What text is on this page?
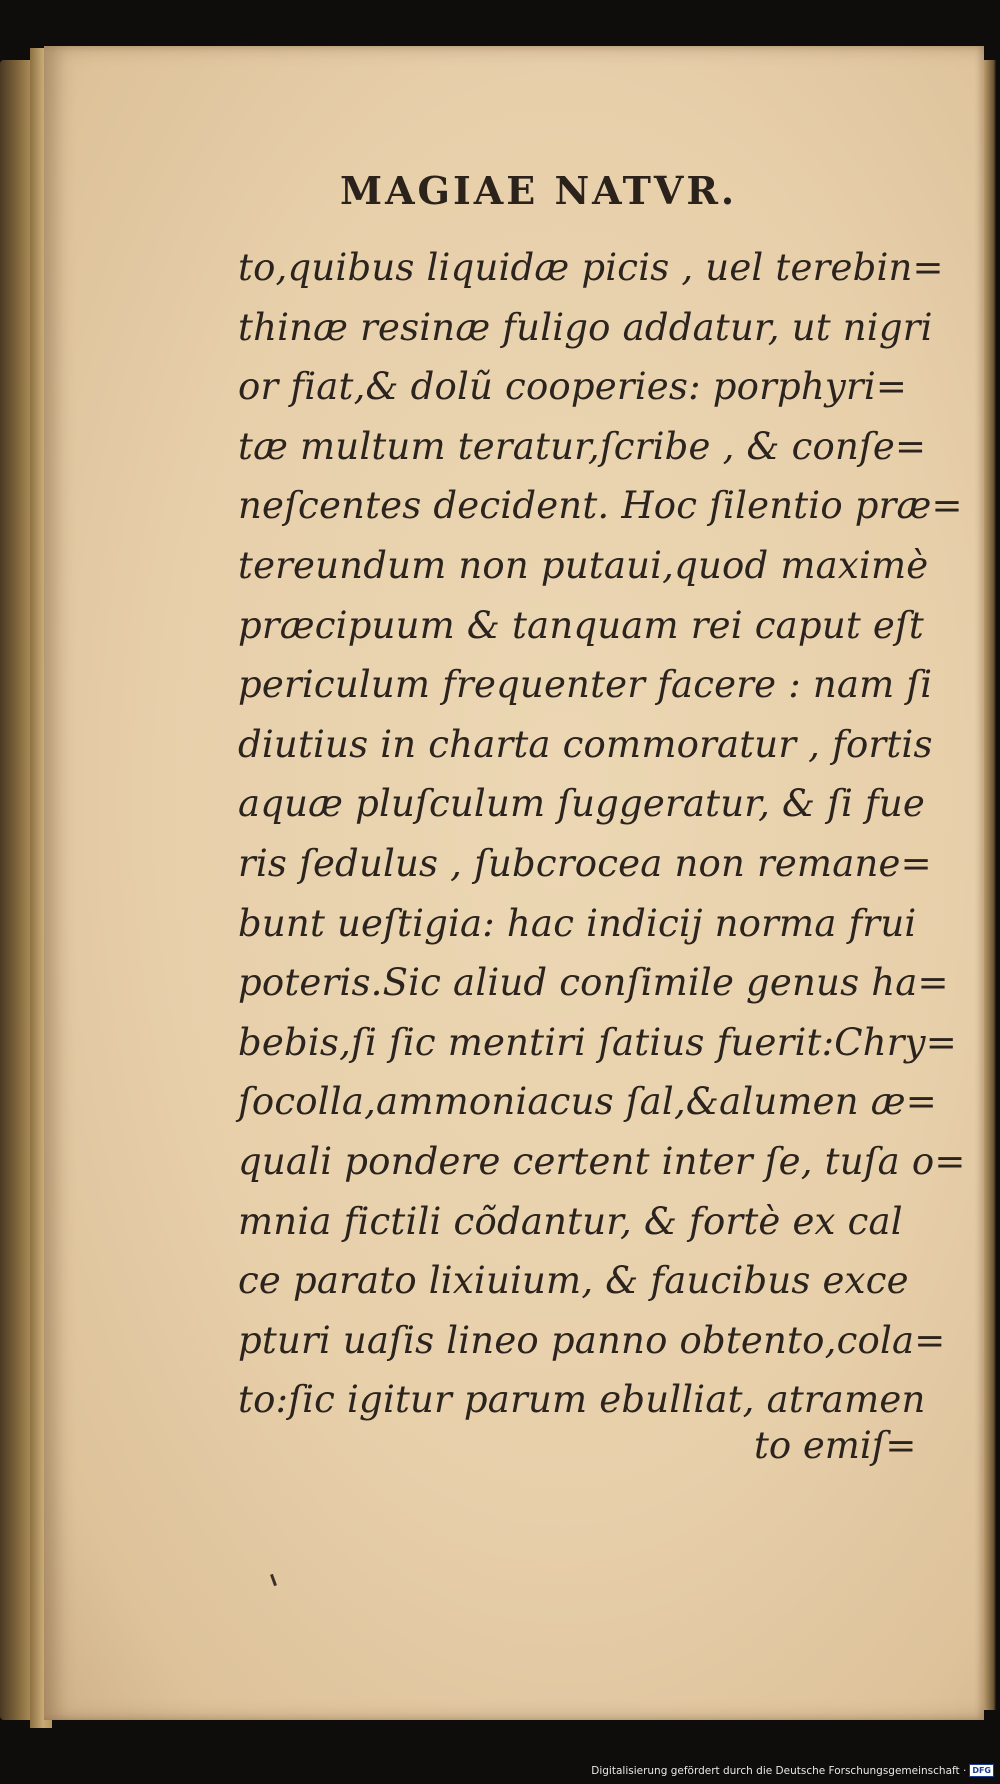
MAGIAE NATVR.
to,quibus liquidæ picis , uel terebin=
thinæ resinæ fuligo addatur, ut nigri
or fiat,& dolũ cooperies: porphyri=
tæ multum teratur,ſcribe , & conſe=
neſcentes decident. Hoc ſilentio præ=
tereundum non putaui,quod maximè
præcipuum & tanquam rei caput eſt
periculum frequenter facere : nam ſi
diutius in charta commoratur , fortis
aquæ pluſculum ſuggeratur, & ſi fue
ris ſedulus , ſubcrocea non remane=
bunt ueſtigia: hac indicij norma frui
poteris.Sic aliud conſimile genus ha=
bebis,ſi ſic mentiri ſatius fuerit:Chry=
ſocolla,ammoniacus ſal,&alumen æ=
quali pondere certent inter ſe, tuſa o=
mnia fictili cõdantur, & fortè ex cal
ce parato lixiuium, & faucibus exce
pturi uaſis lineo panno obtento,cola=
to:ſic igitur parum ebulliat, atramen
to emiſ=
Digitalisierung gefördert durch die Deutsche Forschungsgemeinschaft · DFG
